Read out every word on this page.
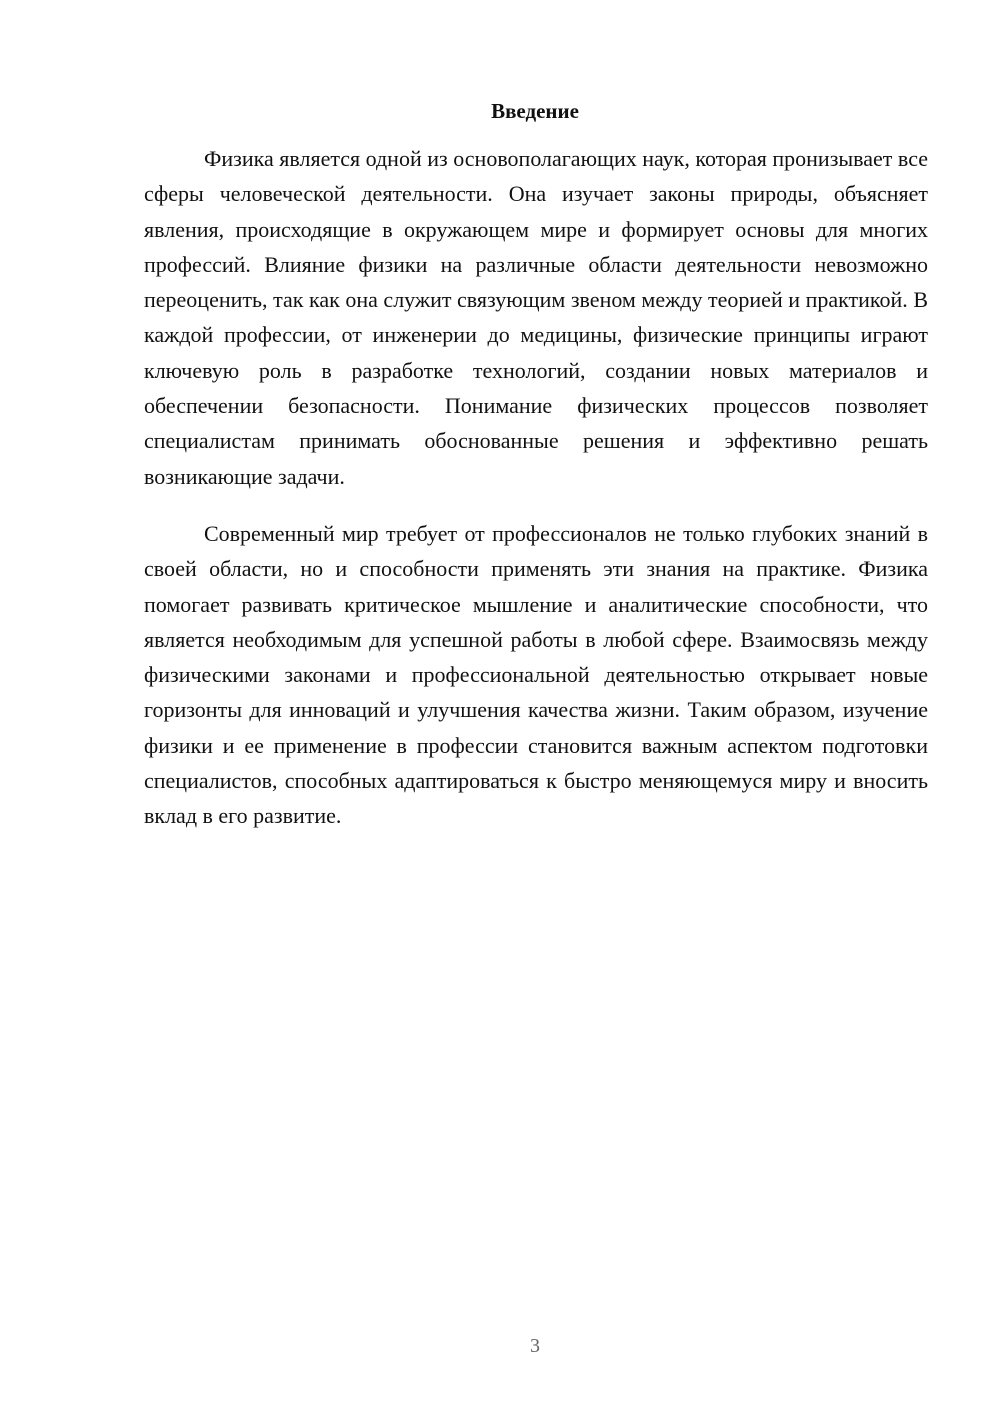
Введение

Физика является одной из основополагающих наук, которая пронизывает все сферы человеческой деятельности. Она изучает законы природы, объясняет явления, происходящие в окружающем мире и формирует основы для многих профессий. Влияние физики на различные области деятельности невозможно переоценить, так как она служит связующим звеном между теорией и практикой. В каждой профессии, от инженерии до медицины, физические принципы играют ключевую роль в разработке технологий, создании новых материалов и обеспечении безопасности. Понимание физических процессов позволяет специалистам принимать обоснованные решения и эффективно решать возникающие задачи.

Современный мир требует от профессионалов не только глубоких знаний в своей области, но и способности применять эти знания на практике. Физика помогает развивать критическое мышление и аналитические способности, что является необходимым для успешной работы в любой сфере. Взаимосвязь между физическими законами и профессиональной деятельностью открывает новые горизонты для инноваций и улучшения качества жизни. Таким образом, изучение физики и ее применение в профессии становится важным аспектом подготовки специалистов, способных адаптироваться к быстро меняющемуся миру и вносить вклад в его развитие.

3
